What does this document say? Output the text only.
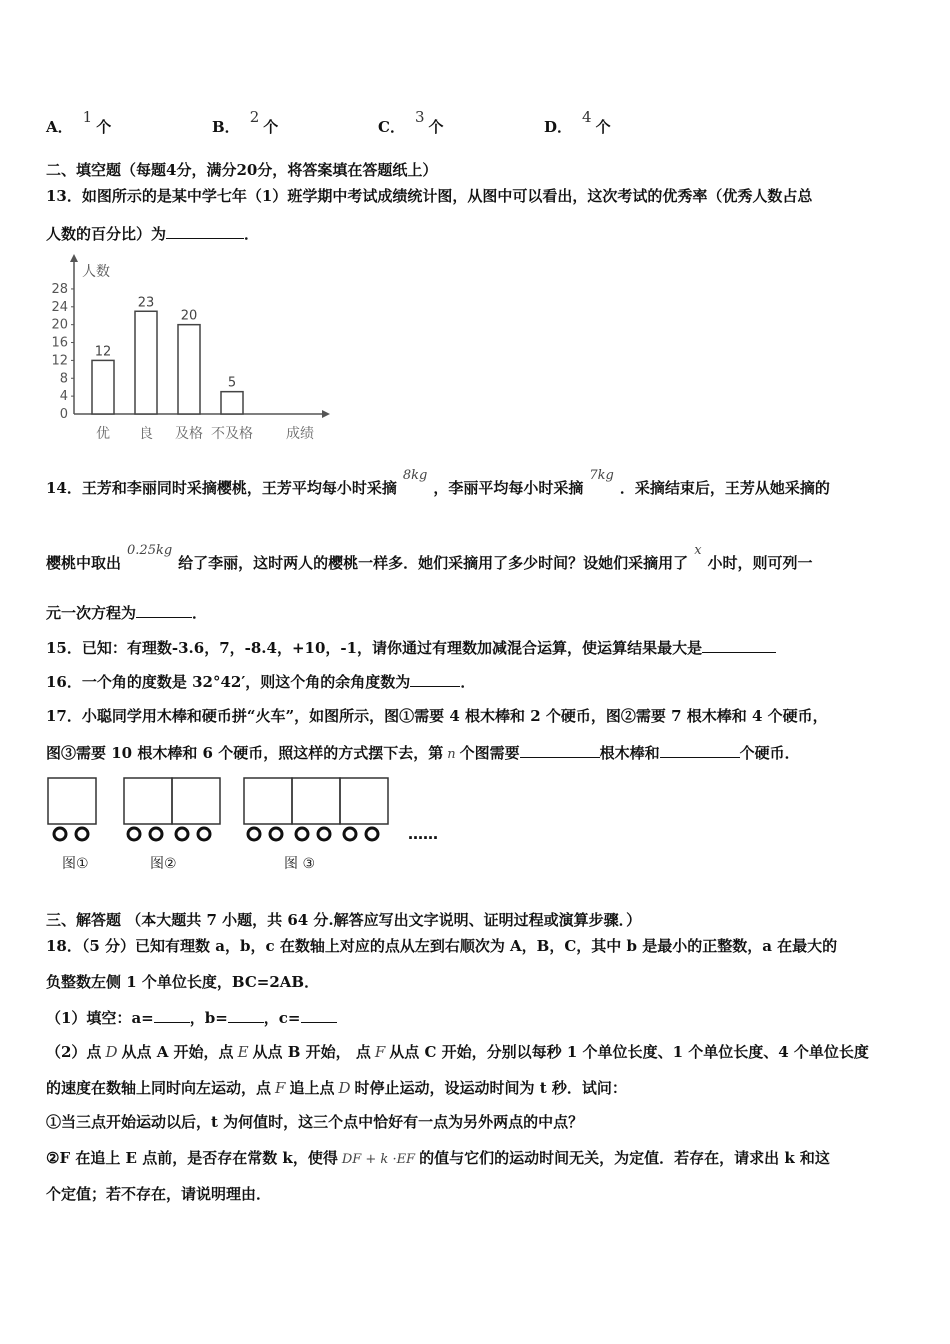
A．1个	B．2个	C．3个	D．4个
二、填空题（每题4分，满分20分，将答案填在答题纸上）
13．如图所示的是某中学七年（1）班学期中考试成绩统计图，从图中可以看出，这次考试的优秀率（优秀人数占总
人数的百分比）为	．
0
4
8
12
16
20
24
28
人数
成绩
12
优
23
良
20
及格
5
不及格
14．王芳和李丽同时采摘樱桃，王芳平均每小时采摘8kg，李丽平均每小时采摘7kg．采摘结束后，王芳从她采摘的
樱桃中取出0.25kg给了李丽，这时两人的樱桃一样多．她们采摘用了多少时间？设她们采摘用了x小时，则可列一
元一次方程为	．
15．已知：有理数-3.6，7，-8.4，+10，-1，请你通过有理数加减混合运算，使运算结果最大是
16．一个角的度数是 32°42′，则这个角的余角度数为	．
17．小聪同学用木棒和硬币拼“火车”，如图所示，图①需要 4 根木棒和 2 个硬币，图②需要 7 根木棒和 4 个硬币，
图③需要 10 根木棒和 6 个硬币，照这样的方式摆下去，第 n 个图需要	根木棒和	个硬币．
……
图①	图②	图 ③
三、解答题 （本大题共 7 小题，共 64 分.解答应写出文字说明、证明过程或演算步骤．）
18．（5 分）已知有理数 a，b，c 在数轴上对应的点从左到右顺次为 A，B，C，其中 b 是最小的正整数，a 在最大的
负整数左侧 1 个单位长度，BC=2AB．
（1）填空：a= ，b= ，c=
（2）点 D 从点 A 开始，点 E 从点 B 开始， 点 F 从点 C 开始，分别以每秒 1 个单位长度、1 个单位长度、4 个单位长度
的速度在数轴上同时向左运动，点 F 追上点 D 时停止运动，设运动时间为 t 秒．试问：
①当三点开始运动以后，t 为何值时，这三个点中恰好有一点为另外两点的中点？
②F 在追上 E 点前，是否存在常数 k，使得 DF + k ·EF 的值与它们的运动时间无关，为定值．若存在，请求出 k 和这
个定值；若不存在，请说明理由．
